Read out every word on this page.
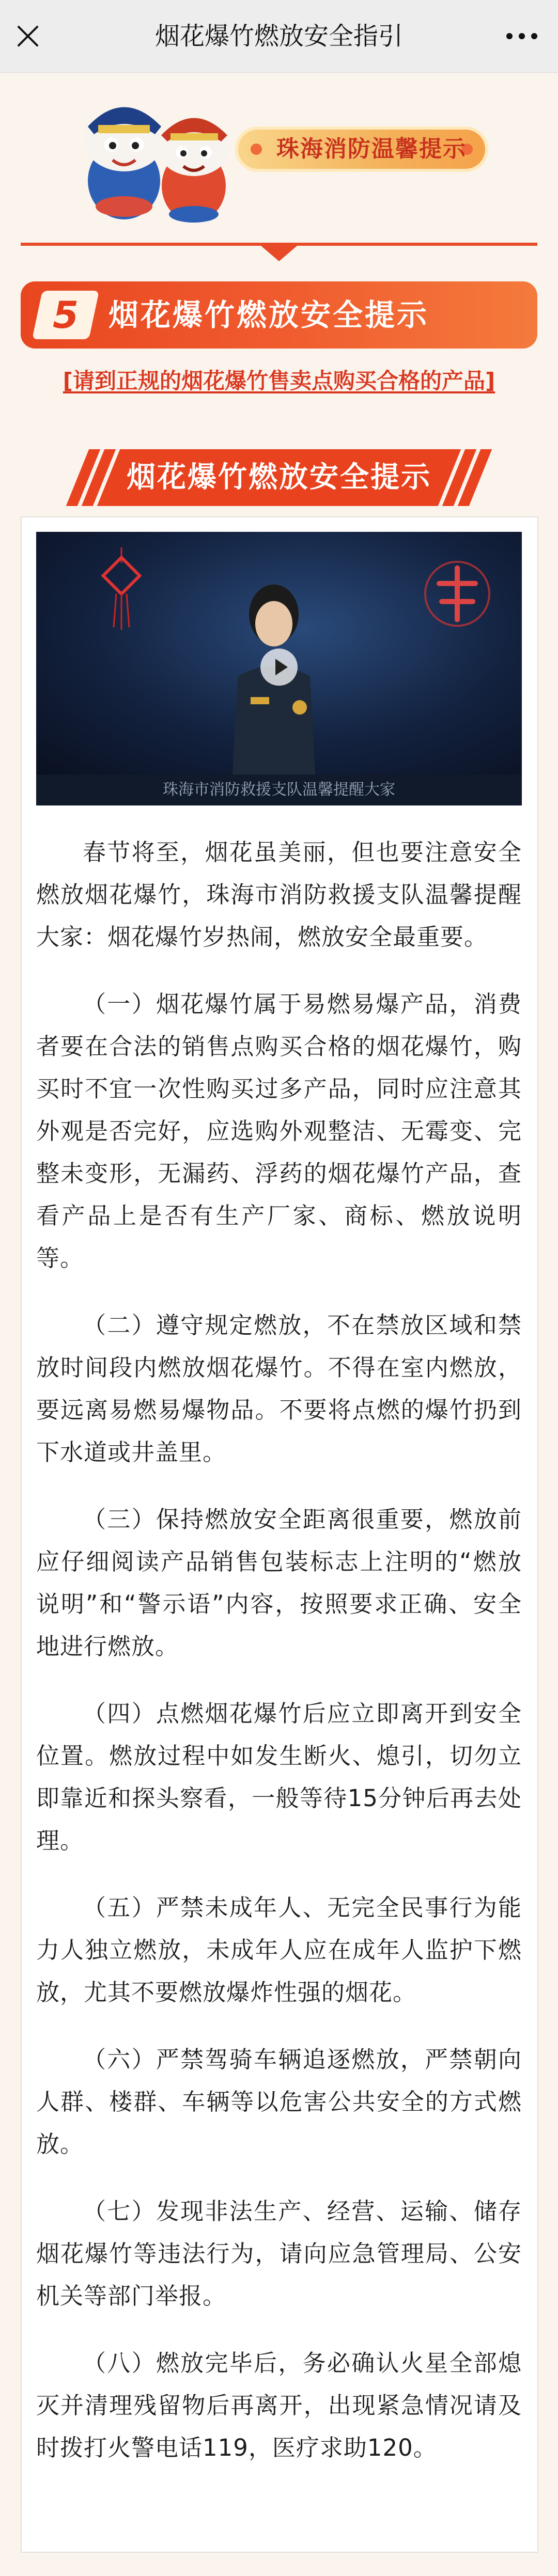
烟花爆竹燃放安全指引
珠海消防温馨提示
5 烟花爆竹燃放安全提示
[请到正规的烟花爆竹售卖点购买合格的产品]
烟花爆竹燃放安全提示
珠海市消防救援支队温馨提醒大家

春节将至，烟花虽美丽，但也要注意安全燃放烟花爆竹，珠海市消防救援支队温馨提醒大家：烟花爆竹岁热闹，燃放安全最重要。

（一）烟花爆竹属于易燃易爆产品，消费者要在合法的销售点购买合格的烟花爆竹，购买时不宜一次性购买过多产品，同时应注意其外观是否完好，应选购外观整洁、无霉变、完整未变形，无漏药、浮药的烟花爆竹产品，查看产品上是否有生产厂家、商标、燃放说明等。

（二）遵守规定燃放，不在禁放区域和禁放时间段内燃放烟花爆竹。不得在室内燃放，要远离易燃易爆物品。不要将点燃的爆竹扔到下水道或井盖里。

（三）保持燃放安全距离很重要，燃放前应仔细阅读产品销售包装标志上注明的“燃放说明”和“警示语”内容，按照要求正确、安全地进行燃放。

（四）点燃烟花爆竹后应立即离开到安全位置。燃放过程中如发生断火、熄引，切勿立即靠近和探头察看，一般等待15分钟后再去处理。

（五）严禁未成年人、无完全民事行为能力人独立燃放，未成年人应在成年人监护下燃放，尤其不要燃放爆炸性强的烟花。

（六）严禁驾骑车辆追逐燃放，严禁朝向人群、楼群、车辆等以危害公共安全的方式燃放。

（七）发现非法生产、经营、运输、储存烟花爆竹等违法行为，请向应急管理局、公安机关等部门举报。

（八）燃放完毕后，务必确认火星全部熄灭并清理残留物后再离开，出现紧急情况请及时拨打火警电话119，医疗求助120。
